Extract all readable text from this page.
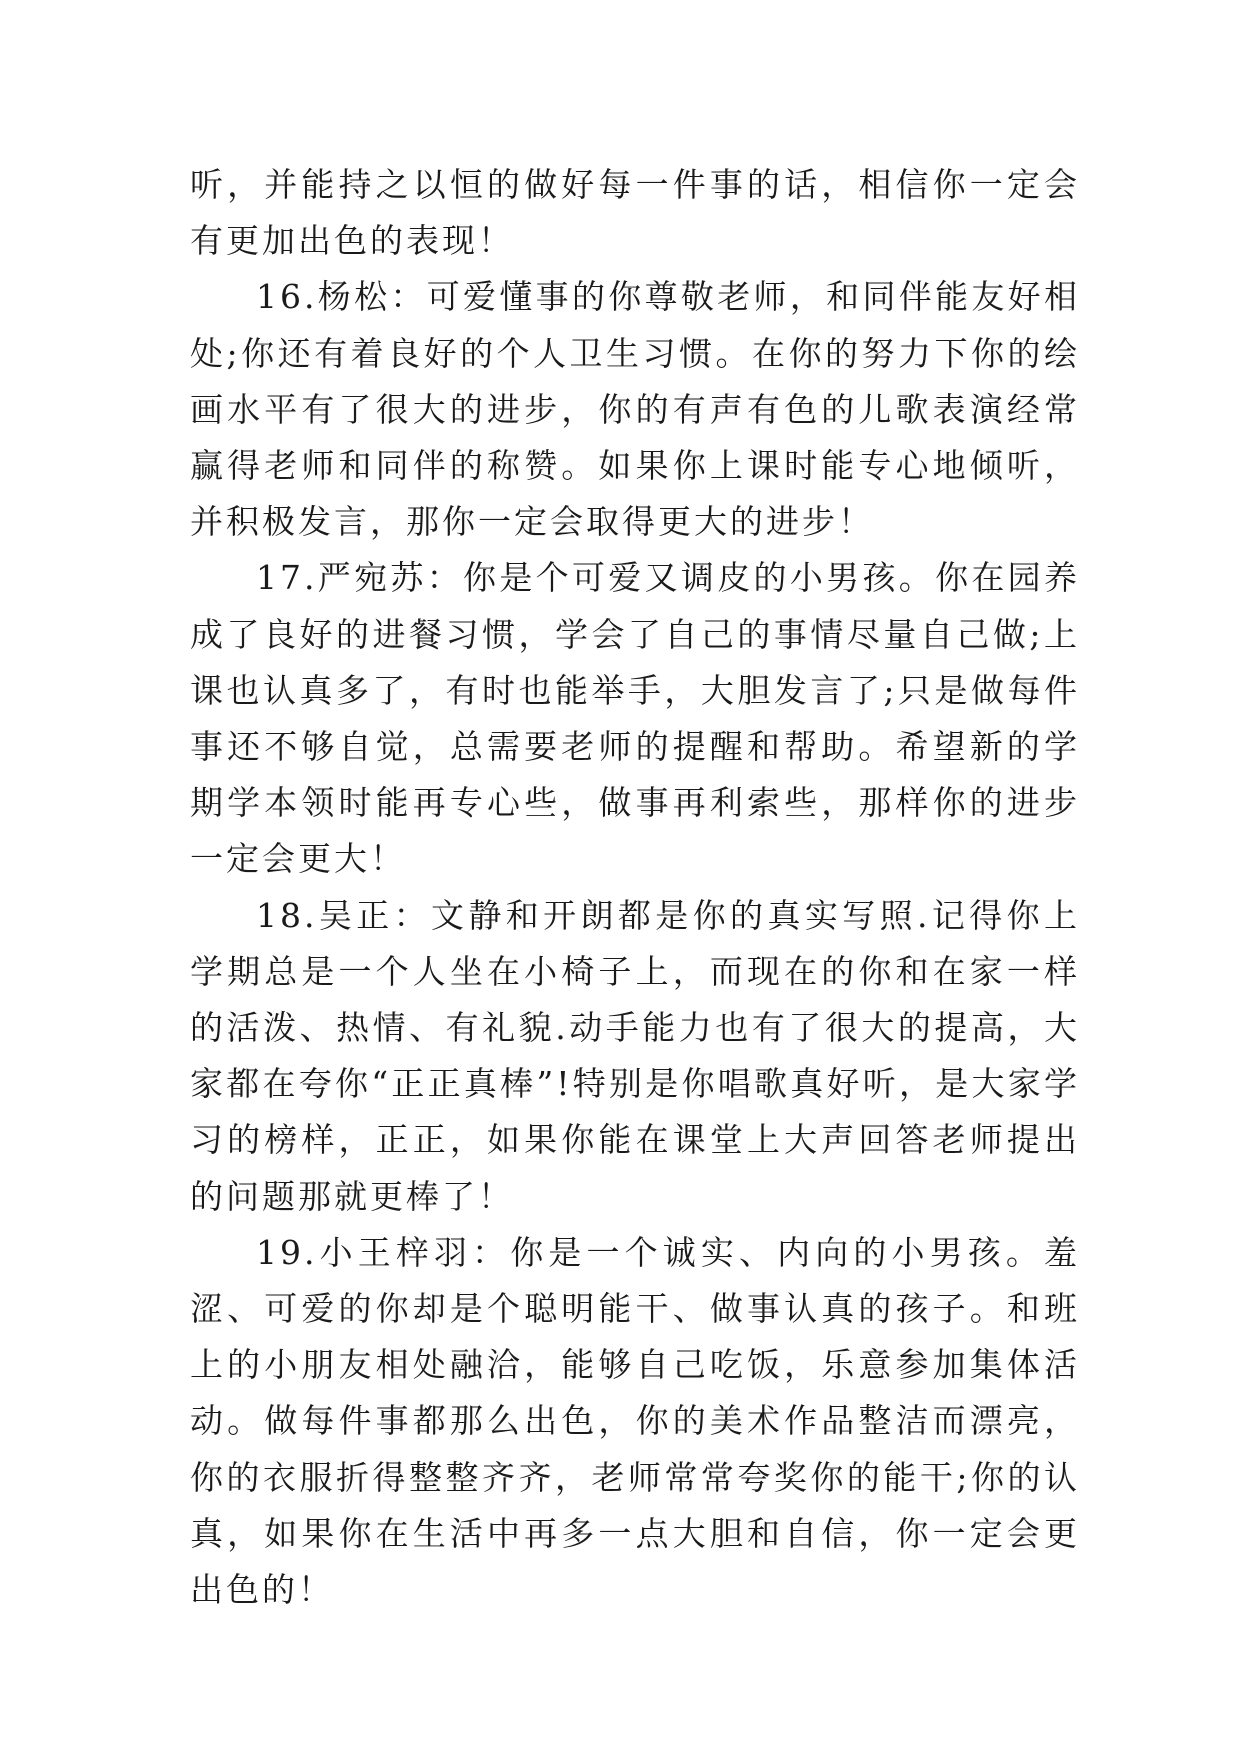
听，并能持之以恒的做好每一件事的话，相信你一定会有更加出色的表现！

16.杨松：可爱懂事的你尊敬老师，和同伴能友好相处;你还有着良好的个人卫生习惯。在你的努力下你的绘画水平有了很大的进步，你的有声有色的儿歌表演经常赢得老师和同伴的称赞。如果你上课时能专心地倾听，并积极发言，那你一定会取得更大的进步！

17.严宛苏：你是个可爱又调皮的小男孩。你在园养成了良好的进餐习惯，学会了自己的事情尽量自己做;上课也认真多了，有时也能举手，大胆发言了;只是做每件事还不够自觉，总需要老师的提醒和帮助。希望新的学期学本领时能再专心些，做事再利索些，那样你的进步一定会更大！

18.吴正：文静和开朗都是你的真实写照.记得你上学期总是一个人坐在小椅子上，而现在的你和在家一样的活泼、热情、有礼貌.动手能力也有了很大的提高，大家都在夸你“正正真棒”!特别是你唱歌真好听，是大家学习的榜样，正正，如果你能在课堂上大声回答老师提出的问题那就更棒了！

19.小王梓羽：你是一个诚实、内向的小男孩。羞涩、可爱的你却是个聪明能干、做事认真的孩子。和班上的小朋友相处融洽，能够自己吃饭，乐意参加集体活动。做每件事都那么出色，你的美术作品整洁而漂亮，你的衣服折得整整齐齐，老师常常夸奖你的能干;你的认真，如果你在生活中再多一点大胆和自信，你一定会更出色的！
